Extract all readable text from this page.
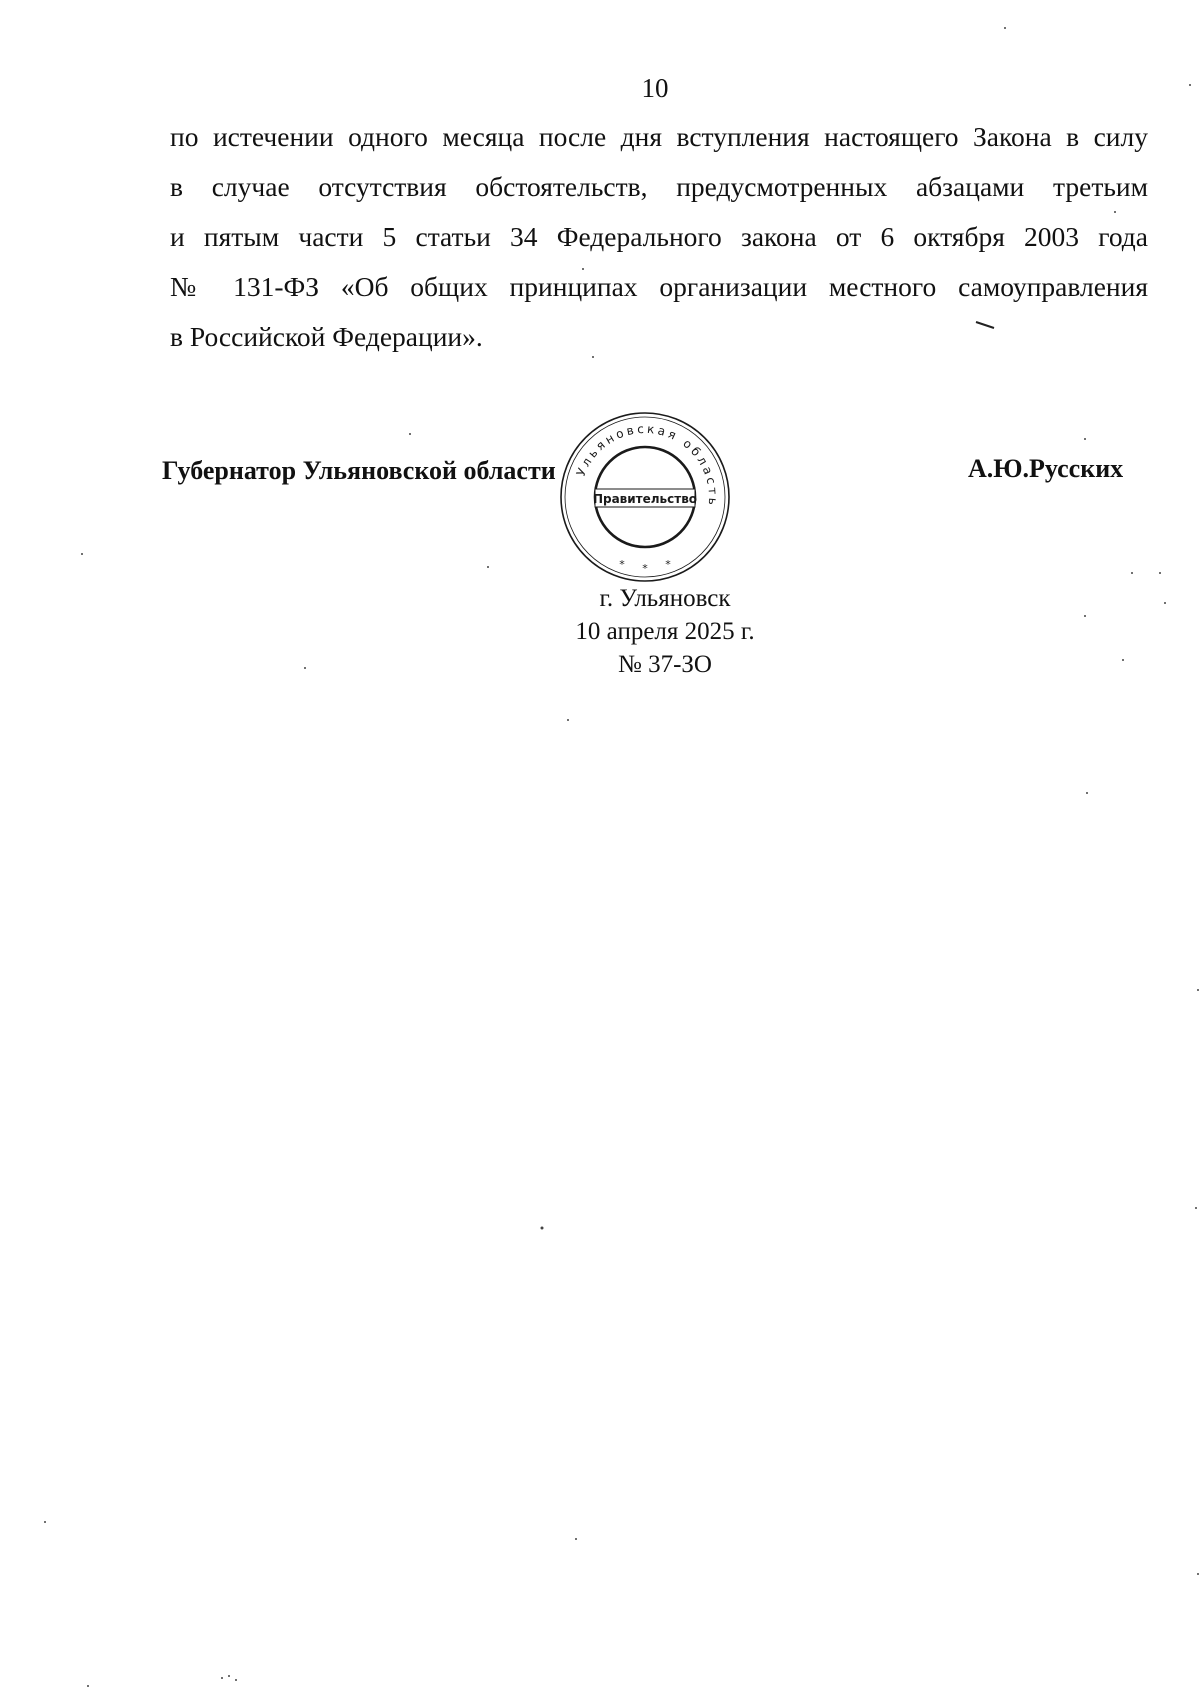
10
по истечении одного месяца после дня вступления настоящего Закона в силу
в случае отсутствия обстоятельств, предусмотренных абзацами третьим
и пятым части 5 статьи 34 Федерального закона от 6 октября 2003 года
№ 131-ФЗ «Об общих принципах организации местного самоуправления
в Российской Федерации».
Губернатор Ульяновской области	А.Ю.Русских
Ульяновская область
Правительство
* * *
г. Ульяновск
10 апреля 2025 г.
№ 37-ЗО
